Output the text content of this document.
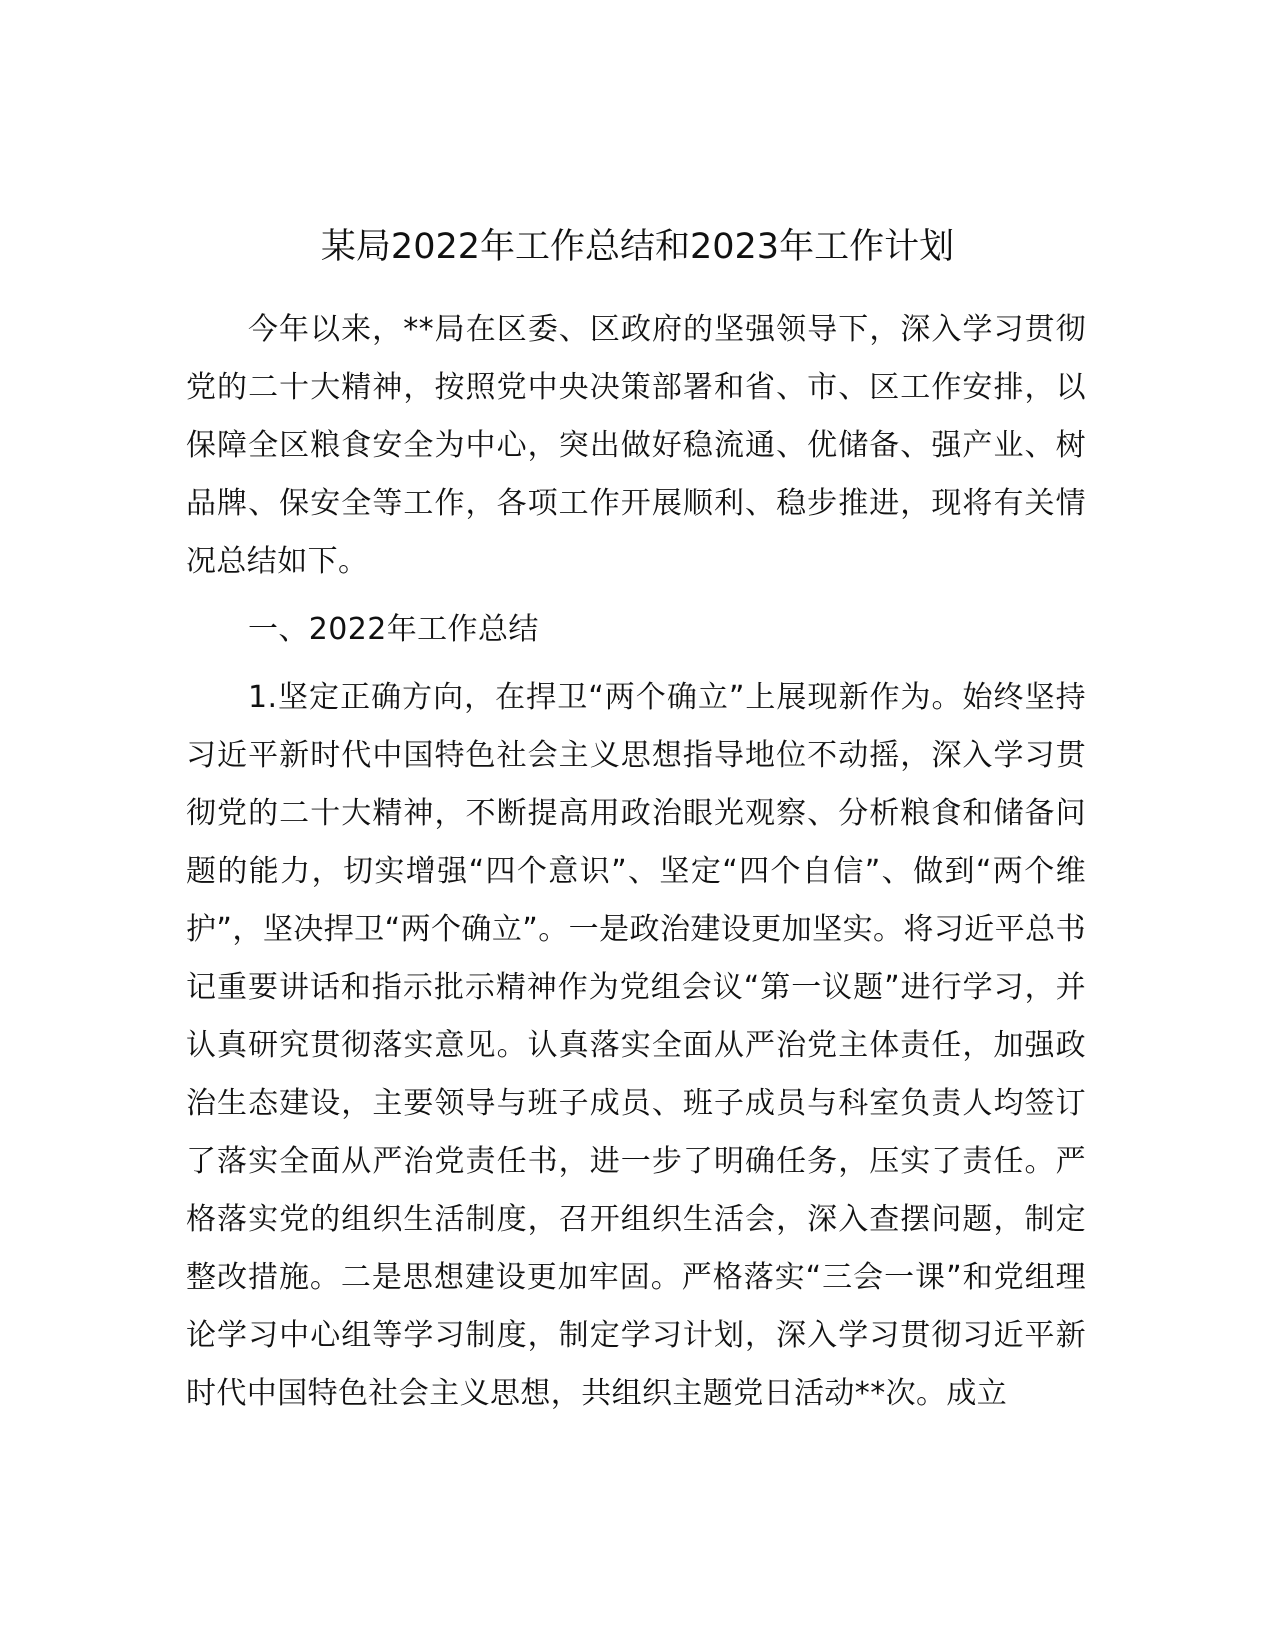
某局2022年工作总结和2023年工作计划

今年以来，**局在区委、区政府的坚强领导下，深入学习贯彻党的二十大精神，按照党中央决策部署和省、市、区工作安排，以保障全区粮食安全为中心，突出做好稳流通、优储备、强产业、树品牌、保安全等工作，各项工作开展顺利、稳步推进，现将有关情况总结如下。

一、2022年工作总结

1.坚定正确方向，在捍卫“两个确立”上展现新作为。始终坚持习近平新时代中国特色社会主义思想指导地位不动摇，深入学习贯彻党的二十大精神，不断提高用政治眼光观察、分析粮食和储备问题的能力，切实增强“四个意识”、坚定“四个自信”、做到“两个维护”，坚决捍卫“两个确立”。一是政治建设更加坚实。将习近平总书记重要讲话和指示批示精神作为党组会议“第一议题”进行学习，并认真研究贯彻落实意见。认真落实全面从严治党主体责任，加强政治生态建设，主要领导与班子成员、班子成员与科室负责人均签订了落实全面从严治党责任书，进一步了明确任务，压实了责任。严格落实党的组织生活制度，召开组织生活会，深入查摆问题，制定整改措施。二是思想建设更加牢固。严格落实“三会一课”和党组理论学习中心组等学习制度，制定学习计划，深入学习贯彻习近平新时代中国特色社会主义思想，共组织主题党日活动**次。成立
